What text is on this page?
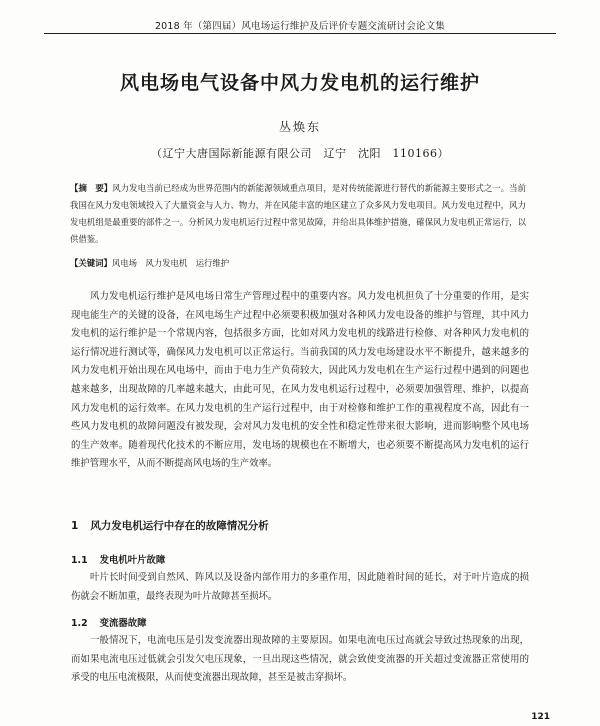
2018 年（第四届）风电场运行维护及后评价专题交流研讨会论文集
风电场电气设备中风力发电机的运行维护
丛焕东
（辽宁大唐国际新能源有限公司　辽宁　沈阳　110166）
【摘　要】风力发电当前已经成为世界范围内的新能源领域重点项目，是对传统能源进行替代的新能源主要形式之一。当前我国在风力发电领域投入了大量资金与人力、物力，并在风能丰富的地区建立了众多风力发电项目。风力发电过程中，风力发电机组是最重要的部件之一。分析风力发电机运行过程中常见故障，并给出具体维护措施，確保风力发电机正常运行，以供借鉴。
【关键词】风电场　风力发电机　运行维护

风力发电机运行维护是风电场日常生产管理过程中的重要内容。风力发电机担负了十分重要的作用，是实现电能生产的关键的设备，在风电场生产过程中必须要积极加强对各种风力发电设备的维护与管理，其中风力发电机的运行维护是一个常规内容，包括很多方面，比如对风力发电机的线路进行检修、对各种风力发电机的运行情况进行测试等，确保风力发电机可以正常运行。当前我国的风力发电场建设水平不断提升，越来越多的风力发电机开始出现在风电场中，而由于电力生产负荷较大，因此风力发电机在生产运行过程中遇到的问题也越来越多，出现故障的几率越来越大，由此可见，在风力发电机运行过程中，必须要加强管理、维护，以提高风力发电机的运行效率。在风力发电机的生产运行过程中，由于对检修和维护工作的重视程度不高，因此有一些风力发电机的故障问题没有被发现，会对风力发电机的安全性和稳定性带来很大影响，进而影响整个风电场的生产效率。随着现代化技术的不断应用，发电场的规模也在不断增大，也必须要不断提高风力发电机的运行维护管理水平，从而不断提高风电场的生产效率。

1 风力发电机运行中存在的故障情况分析
1.1 发电机叶片故障

叶片长时间受到自然风、阵风以及设备内部作用力的多重作用，因此随着时间的延长，对于叶片造成的损伤就会不断加重，最终表现为叶片故障甚至损坏。

1.2 变流器故障

一般情况下，电流电压是引发变流器出现故障的主要原因。如果电流电压过高就会导致过热现象的出现，而如果电流电压过低就会引发欠电压现象，一旦出现这些情况，就会致使变流器的开关超过变流器正常使用的承受的电压电流极限，从而使变流器出现故障，甚至是被击穿损坏。

121
